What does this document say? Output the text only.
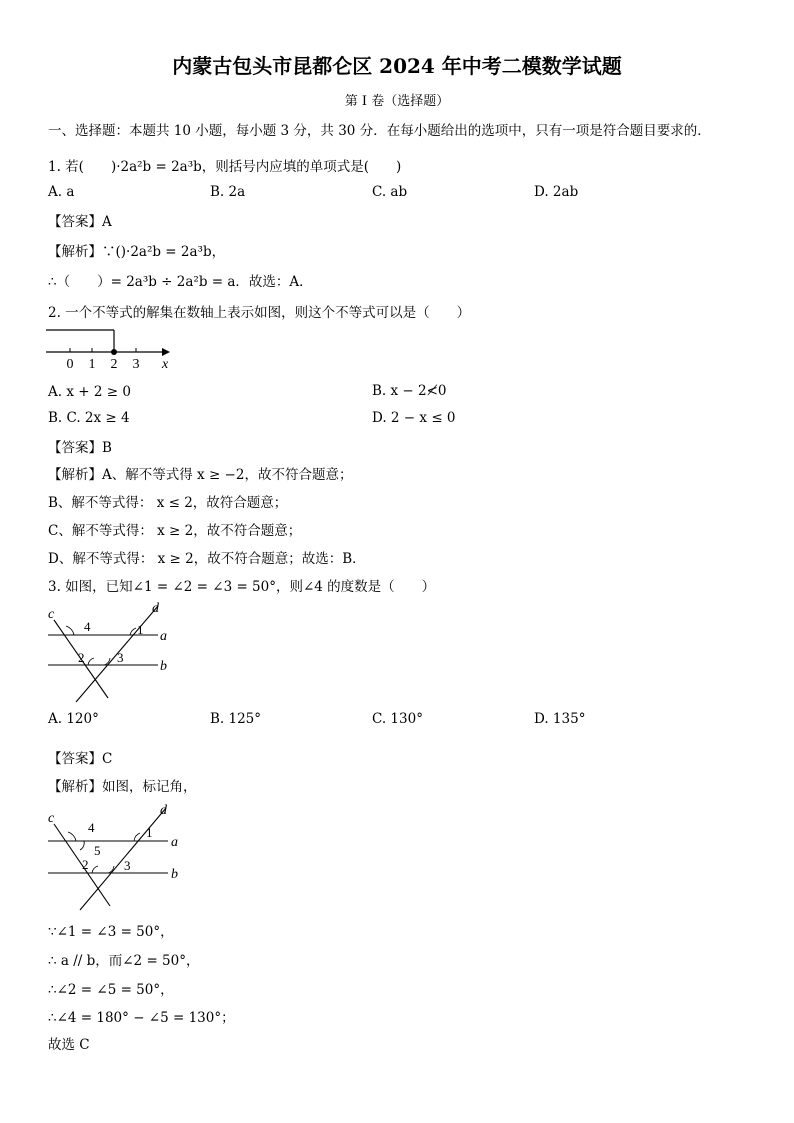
内蒙古包头市昆都仑区 2024 年中考二模数学试题
第 I 卷（选择题）
一、选择题：本题共 10 小题，每小题 3 分，共 30 分．在每小题给出的选项中，只有一项是符合题目要求的．
1. 若(　　)·2a²b = 2a³b，则括号内应填的单项式是(　　)
A. a	B. 2a	C. ab	D. 2ab
【答案】A
【解析】∵()·2a²b = 2a³b，
∴（　　）= 2a³b ÷ 2a²b = a．故选：A．
2. 一个不等式的解集在数轴上表示如图，则这个不等式可以是（　　）
0 1 2 3 x
A. x + 2 ≥ 0	B. x − 2≮0
B. C. 2x ≥ 4	D. 2 − x ≤ 0
【答案】B
【解析】A、解不等式得 x ≥ −2，故不符合题意；
B、解不等式得： x ≤ 2，故符合题意；
C、解不等式得： x ≥ 2，故不符合题意；
D、解不等式得： x ≥ 2，故不符合题意；故选：B．
3. 如图，已知∠1 = ∠2 = ∠3 = 50°，则∠4 的度数是（　　）
c	d
a
b
4	1
2	3
A. 120°	B. 125°	C. 130°	D. 135°
【答案】C
【解析】如图，标记角，
c
d
a
b
4
5
1
2	3
∵∠1 = ∠3 = 50°，
∴ a // b，而∠2 = 50°，
∴∠2 = ∠5 = 50°，
∴∠4 = 180° − ∠5 = 130°；
故选 C
